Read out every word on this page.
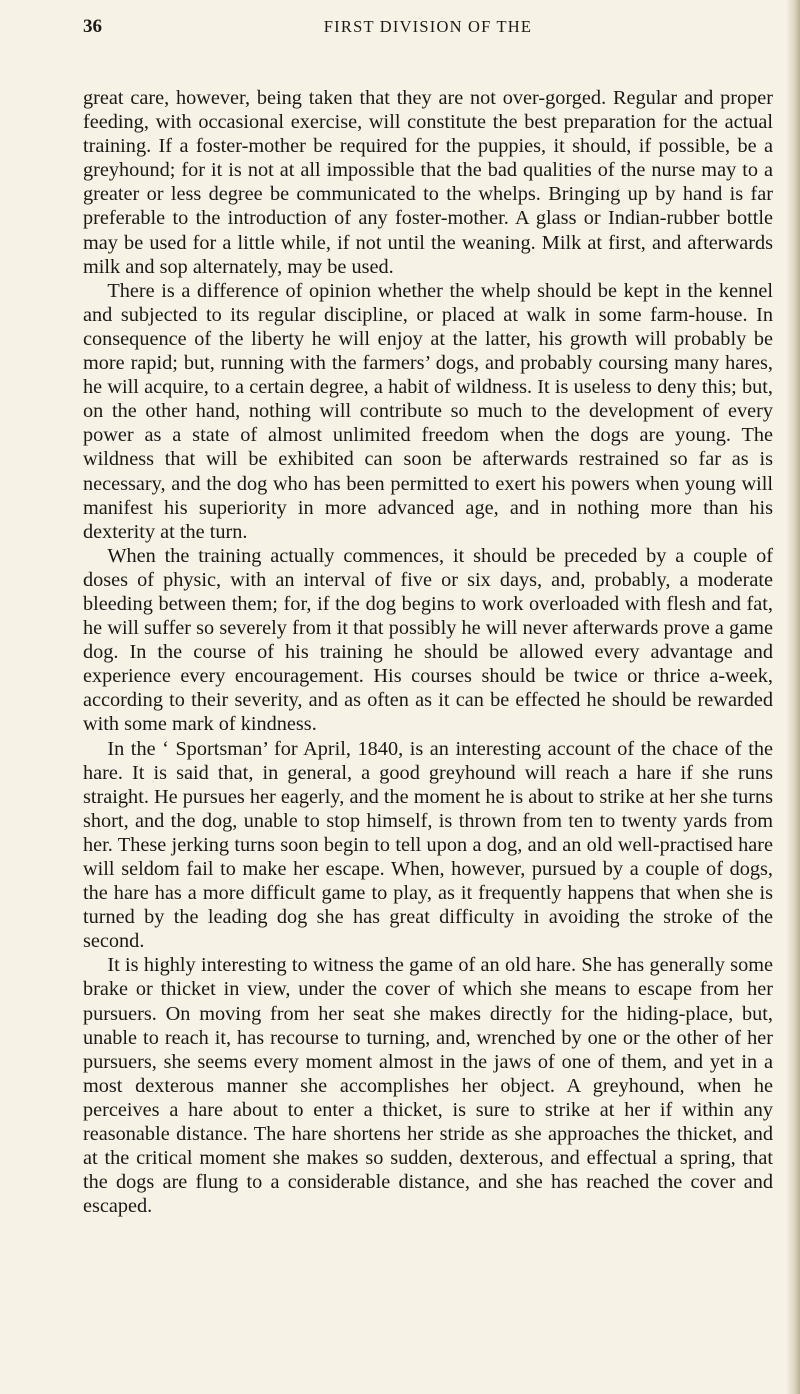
36	FIRST DIVISION OF THE

great care, however, being taken that they are not over-gorged. Regular and proper feeding, with occasional exercise, will constitute the best preparation for the actual training. If a foster-mother be required for the puppies, it should, if possible, be a greyhound; for it is not at all impossible that the bad qualities of the nurse may to a greater or less degree be communicated to the whelps. Bringing up by hand is far preferable to the introduction of any foster-mother. A glass or Indian-rubber bottle may be used for a little while, if not until the weaning. Milk at first, and afterwards milk and sop alternately, may be used.

There is a difference of opinion whether the whelp should be kept in the kennel and subjected to its regular discipline, or placed at walk in some farm-house. In consequence of the liberty he will enjoy at the latter, his growth will probably be more rapid; but, running with the farmers’ dogs, and probably coursing many hares, he will acquire, to a certain degree, a habit of wildness. It is useless to deny this; but, on the other hand, nothing will contribute so much to the development of every power as a state of almost unlimited freedom when the dogs are young. The wildness that will be exhibited can soon be afterwards restrained so far as is necessary, and the dog who has been permitted to exert his powers when young will manifest his superiority in more advanced age, and in nothing more than his dexterity at the turn.

When the training actually commences, it should be preceded by a couple of doses of physic, with an interval of five or six days, and, probably, a moderate bleeding between them; for, if the dog begins to work overloaded with flesh and fat, he will suffer so severely from it that possibly he will never afterwards prove a game dog. In the course of his training he should be allowed every advantage and experience every encouragement. His courses should be twice or thrice a-week, according to their severity, and as often as it can be effected he should be rewarded with some mark of kindness.

In the ‘ Sportsman’ for April, 1840, is an interesting account of the chace of the hare. It is said that, in general, a good greyhound will reach a hare if she runs straight. He pursues her eagerly, and the moment he is about to strike at her she turns short, and the dog, unable to stop himself, is thrown from ten to twenty yards from her. These jerking turns soon begin to tell upon a dog, and an old well-practised hare will seldom fail to make her escape. When, however, pursued by a couple of dogs, the hare has a more difficult game to play, as it frequently happens that when she is turned by the leading dog she has great difficulty in avoiding the stroke of the second.

It is highly interesting to witness the game of an old hare. She has generally some brake or thicket in view, under the cover of which she means to escape from her pursuers. On moving from her seat she makes directly for the hiding-place, but, unable to reach it, has recourse to turning, and, wrenched by one or the other of her pursuers, she seems every moment almost in the jaws of one of them, and yet in a most dexterous manner she accomplishes her object. A greyhound, when he perceives a hare about to enter a thicket, is sure to strike at her if within any reasonable distance. The hare shortens her stride as she approaches the thicket, and at the critical moment she makes so sudden, dexterous, and effectual a spring, that the dogs are flung to a considerable distance, and she has reached the cover and escaped.
